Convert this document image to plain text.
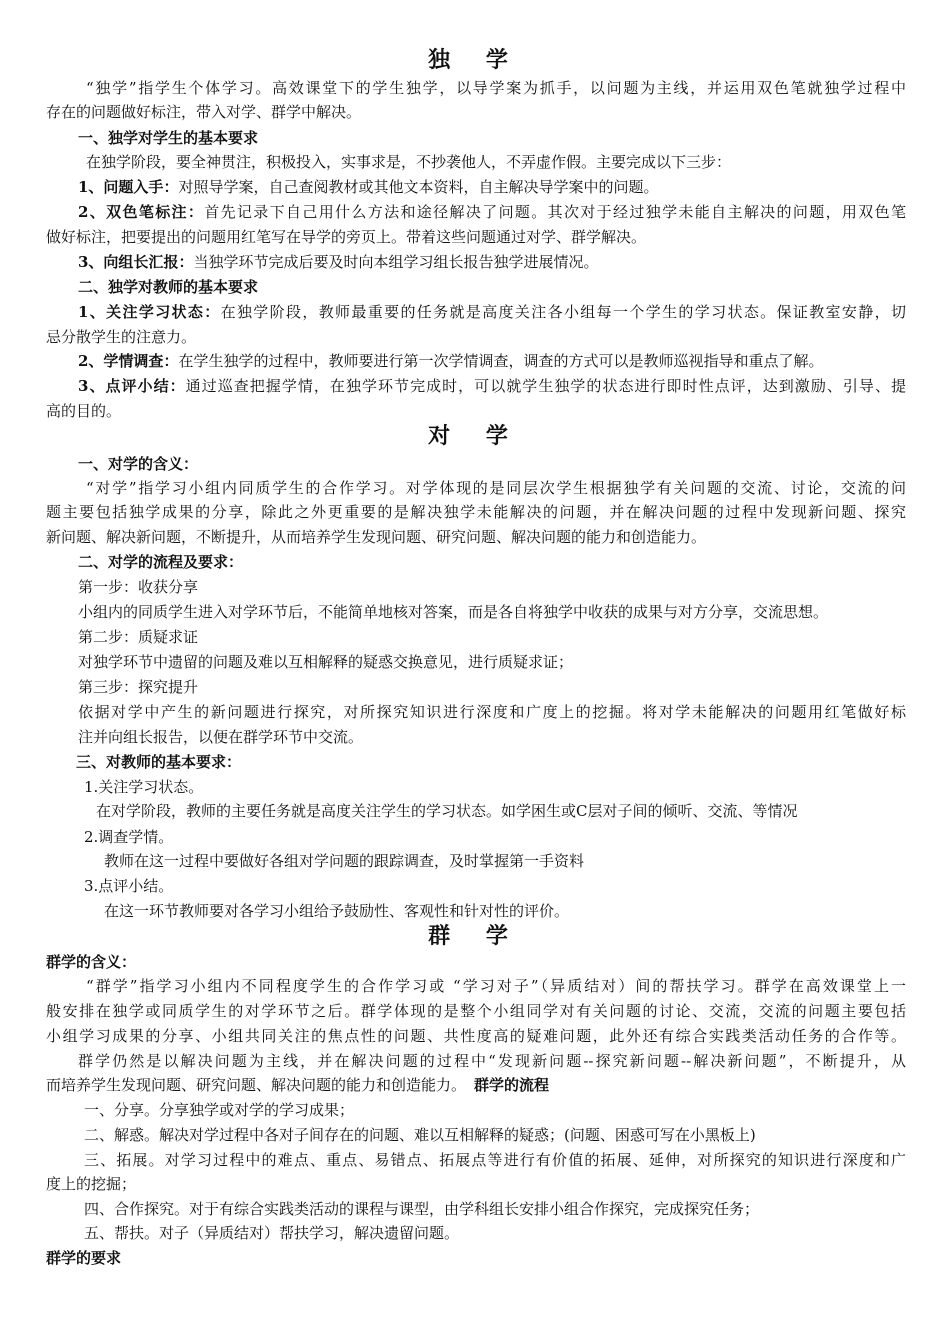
独 学
“独学”指学生个体学习。高效课堂下的学生独学，以导学案为抓手，以问题为主线，并运用双色笔就独学过程中
存在的问题做好标注，带入对学、群学中解决。
一、独学对学生的基本要求
在独学阶段，要全神贯注，积极投入，实事求是，不抄袭他人，不弄虚作假。主要完成以下三步：
1、问题入手：对照导学案，自己查阅教材或其他文本资料，自主解决导学案中的问题。
2、双色笔标注：首先记录下自己用什么方法和途径解决了问题。其次对于经过独学未能自主解决的问题，用双色笔
做好标注，把要提出的问题用红笔写在导学的旁页上。带着这些问题通过对学、群学解决。
3、向组长汇报：当独学环节完成后要及时向本组学习组长报告独学进展情况。
二、独学对教师的基本要求
1、关注学习状态：在独学阶段，教师最重要的任务就是高度关注各小组每一个学生的学习状态。保证教室安静，切
忌分散学生的注意力。
2、学情调查：在学生独学的过程中，教师要进行第一次学情调查，调查的方式可以是教师巡视指导和重点了解。
3、点评小结：通过巡查把握学情，在独学环节完成时，可以就学生独学的状态进行即时性点评，达到激励、引导、提
高的目的。
对 学
一、对学的含义：
“对学”指学习小组内同质学生的合作学习。对学体现的是同层次学生根据独学有关问题的交流、讨论，交流的问
题主要包括独学成果的分享，除此之外更重要的是解决独学未能解决的问题，并在解决问题的过程中发现新问题、探究
新问题、解决新问题，不断提升，从而培养学生发现问题、研究问题、解决问题的能力和创造能力。
二、对学的流程及要求：
第一步：收获分享
小组内的同质学生进入对学环节后，不能简单地核对答案，而是各自将独学中收获的成果与对方分享，交流思想。
第二步：质疑求证
对独学环节中遗留的问题及难以互相解释的疑惑交换意见，进行质疑求证；
第三步：探究提升
依据对学中产生的新问题进行探究，对所探究知识进行深度和广度上的挖掘。将对学未能解决的问题用红笔做好标
注并向组长报告，以便在群学环节中交流。
三、对教师的基本要求：
1.关注学习状态。
在对学阶段，教师的主要任务就是高度关注学生的学习状态。如学困生或C层对子间的倾听、交流、等情况
2.调查学情。
教师在这一过程中要做好各组对学问题的跟踪调查，及时掌握第一手资料
3.点评小结。
在这一环节教师要对各学习小组给予鼓励性、客观性和针对性的评价。
群 学
群学的含义：
“群学”指学习小组内不同程度学生的合作学习或 “学习对子”（异质结对）间的帮扶学习。群学在高效课堂上一
般安排在独学或同质学生的对学环节之后。群学体现的是整个小组同学对有关问题的讨论、交流，交流的问题主要包括
小组学习成果的分享、小组共同关注的焦点性的问题、共性度高的疑难问题，此外还有综合实践类活动任务的合作等。
群学仍然是以解决问题为主线，并在解决问题的过程中“发现新问题--探究新问题--解决新问题”，不断提升，从
而培养学生发现问题、研究问题、解决问题的能力和创造能力。 群学的流程
一、分享。分享独学或对学的学习成果；
二、解惑。解决对学过程中各对子间存在的问题、难以互相解释的疑惑；(问题、困惑可写在小黑板上)
三、拓展。对学习过程中的难点、重点、易错点、拓展点等进行有价值的拓展、延伸，对所探究的知识进行深度和广
度上的挖掘；
四、合作探究。对于有综合实践类活动的课程与课型，由学科组长安排小组合作探究，完成探究任务；
五、帮扶。对子（异质结对）帮扶学习，解决遗留问题。
群学的要求
